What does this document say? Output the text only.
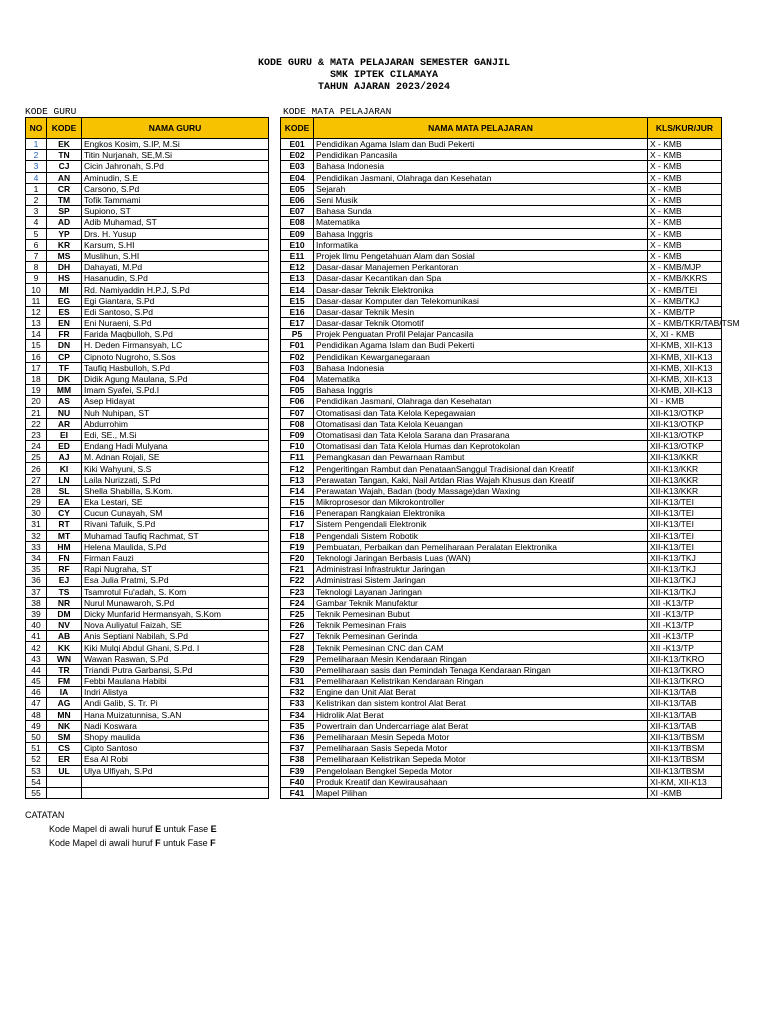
KODE GURU & MATA PELAJARAN SEMESTER GANJIL
SMK IPTEK CILAMAYA
TAHUN AJARAN 2023/2024
KODE GURU	KODE MATA PELAJARAN
NO	KODE	NAMA GURU
1	EK	Engkos Kosim, S.IP, M.Si
2	TN	Titin Nurjanah, SE,M.Si
3	CJ	Cicin Jahronah, S.Pd
4	AN	Aminudin, S.E
1	CR	Carsono, S.Pd
2	TM	Tofik Tammami
3	SP	Supiono, ST
4	AD	Adib Muhamad, ST
5	YP	Drs. H. Yusup
6	KR	Karsum, S.HI
7	MS	Muslihun, S.HI
8	DH	Dahayati, M.Pd
9	HS	Hasanudin, S.Pd
10	MI	Rd. Namiyaddin H.P.J, S.Pd
11	EG	Egi Giantara, S.Pd
12	ES	Edi Santoso, S.Pd
13	EN	Eni Nuraeni, S.Pd
14	FR	Farida Maqbulloh, S.Pd
15	DN	H. Deden Firmansyah, LC
16	CP	Cipnoto Nugroho, S.Sos
17	TF	Taufiq Hasbulloh, S.Pd
18	DK	Didik Agung Maulana, S.Pd
19	MM	Imam Syafei, S.Pd.I
20	AS	Asep Hidayat
21	NU	Nuh Nuhipan, ST
22	AR	Abdurrohim
23	EI	Edi, SE., M.Si
24	ED	Endang Hadi Mulyana
25	AJ	M. Adnan Rojali, SE
26	KI	Kiki Wahyuni, S.S
27	LN	Laila Nurizzati, S.Pd
28	SL	Shella Shabilla, S.Kom.
29	EA	Eka Lestari, SE
30	CY	Cucun Cunayah, SM
31	RT	Rivani Tafuik, S.Pd
32	MT	Muhamad Taufiq Rachmat, ST
33	HM	Helena Maulida, S.Pd
34	FN	Firman Fauzi
35	RF	Rapi Nugraha, ST
36	EJ	Esa Julia Pratmi, S.Pd
37	TS	Tsamrotul Fu'adah, S. Kom
38	NR	Nurul Munawaroh, S.Pd
39	DM	Dicky Munfarid Hermansyah, S.Kom
40	NV	Nova Auliyatul Faizah, SE
41	AB	Anis Septiani Nabilah, S.Pd
42	KK	Kiki Mulqi Abdul Ghani, S.Pd. I
43	WN	Wawan Raswan, S.Pd
44	TR	Triandi Putra Garbansi, S.Pd
45	FM	Febbi Maulana Habibi
46	IA	Indri Alistya
47	AG	Andi Galib, S. Tr. Pi
48	MN	Hana Muizatunnisa, S.AN
49	NK	Nadi Koswara
50	SM	Shopy maulida
51	CS	Cipto Santoso
52	ER	Esa Al Robi
53	UL	Ulya Ulfiyah, S.Pd
54		
55		
KODE	NAMA MATA PELAJARAN	KLS/KUR/JUR
E01	Pendidikan Agama Islam dan Budi Pekerti	X - KMB
E02	Pendidikan Pancasila	X - KMB
E03	Bahasa Indonesia	X - KMB
E04	Pendidikan Jasmani, Olahraga dan Kesehatan	X - KMB
E05	Sejarah	X - KMB
E06	Seni Musik	X - KMB
E07	Bahasa Sunda	X - KMB
E08	Matematika	X - KMB
E09	Bahasa Inggris	X - KMB
E10	Informatika	X - KMB
E11	Projek Ilmu Pengetahuan Alam dan Sosial	X - KMB
E12	Dasar-dasar Manajemen Perkantoran	X - KMB/MJP
E13	Dasar-dasar Kecantikan dan Spa	X - KMB/KKRS
E14	Dasar-dasar Teknik Elektronika	X - KMB/TEI
E15	Dasar-dasar Komputer dan Telekomunikasi	X - KMB/TKJ
E16	Dasar-dasar Teknik Mesin	X - KMB/TP
E17	Dasar-dasar Teknik Otomotif	X - KMB/TKR/TAB/TSM
P5	Projek Penguatan Profil Pelajar Pancasila	X, XI - KMB
F01	Pendidikan Agama Islam dan Budi Pekerti	XI-KMB, XII-K13
F02	Pendidikan Kewarganegaraan	XI-KMB, XII-K13
F03	Bahasa Indonesia	XI-KMB, XII-K13
F04	Matematika	XI-KMB, XII-K13
F05	Bahasa Inggris	XI-KMB, XII-K13
F06	Pendidikan Jasmani, Olahraga dan Kesehatan	XI - KMB
F07	Otomatisasi dan Tata Kelola Kepegawaian	XII-K13/OTKP
F08	Otomatisasi dan Tata Kelola Keuangan	XII-K13/OTKP
F09	Otomatisasi dan Tata Kelola Sarana dan Prasarana	XII-K13/OTKP
F10	Otomatisasi dan Tata Kelola Humas dan Keprotokolan	XII-K13/OTKP
F11	Pemangkasan dan Pewarnaan Rambut	XII-K13/KKR
F12	Pengeritingan Rambut dan PenataanSanggul Tradisional dan Kreatif	XII-K13/KKR
F13	Perawatan Tangan, Kaki, Nail Artdan Rias Wajah Khusus dan Kreatif	XII-K13/KKR
F14	Perawatan Wajah, Badan (body Massage)dan Waxing	XII-K13/KKR
F15	Mikroprosesor dan Mikrokontroller	XII-K13/TEI
F16	Penerapan Rangkaian Elektronika	XII-K13/TEI
F17	Sistem Pengendali Elektronik	XII-K13/TEI
F18	Pengendali Sistem Robotik	XII-K13/TEI
F19	Pembuatan, Perbaikan dan Pemeliharaan Peralatan Elektronika	XII-K13/TEI
F20	Teknologi Jaringan Berbasis Luas (WAN)	XII-K13/TKJ
F21	Administrasi Infrastruktur Jaringan	XII-K13/TKJ
F22	Administrasi Sistem Jaringan	XII-K13/TKJ
F23	Teknologi Layanan Jaringan	XII-K13/TKJ
F24	Gambar Teknik Manufaktur	XII -K13/TP
F25	Teknik Pemesinan Bubut	XII -K13/TP
F26	Teknik Pemesinan Frais	XII -K13/TP
F27	Teknik Pemesinan Gerinda	XII -K13/TP
F28	Teknik Pemesinan CNC dan CAM	XII -K13/TP
F29	Pemeliharaan Mesin Kendaraan Ringan	XII-K13/TKRO
F30	Pemeliharaan sasis dan Pemindah Tenaga Kendaraan Ringan	XII-K13/TKRO
F31	Pemeliharaan Kelistrikan Kendaraan Ringan	XII-K13/TKRO
F32	Engine dan Unit Alat Berat	XII-K13/TAB
F33	Kelistrikan dan sistem kontrol Alat Berat	XII-K13/TAB
F34	Hidrolik Alat Berat	XII-K13/TAB
F35	Powertrain dan Undercarriage alat Berat	XII-K13/TAB
F36	Pemeliharaan Mesin Sepeda Motor	XII-K13/TBSM
F37	Pemeliharaan Sasis Sepeda Motor	XII-K13/TBSM
F38	Pemeliharaan Kelistrikan Sepeda Motor	XII-K13/TBSM
F39	Pengelolaan Bengkel Sepeda Motor	XII-K13/TBSM
F40	Produk Kreatif dan Kewirausahaan	XI-KM, XII-K13
F41	Mapel Pilihan	XI -KMB
CATATAN
Kode Mapel di awali huruf E untuk Fase E
Kode Mapel di awali huruf F untuk Fase F
